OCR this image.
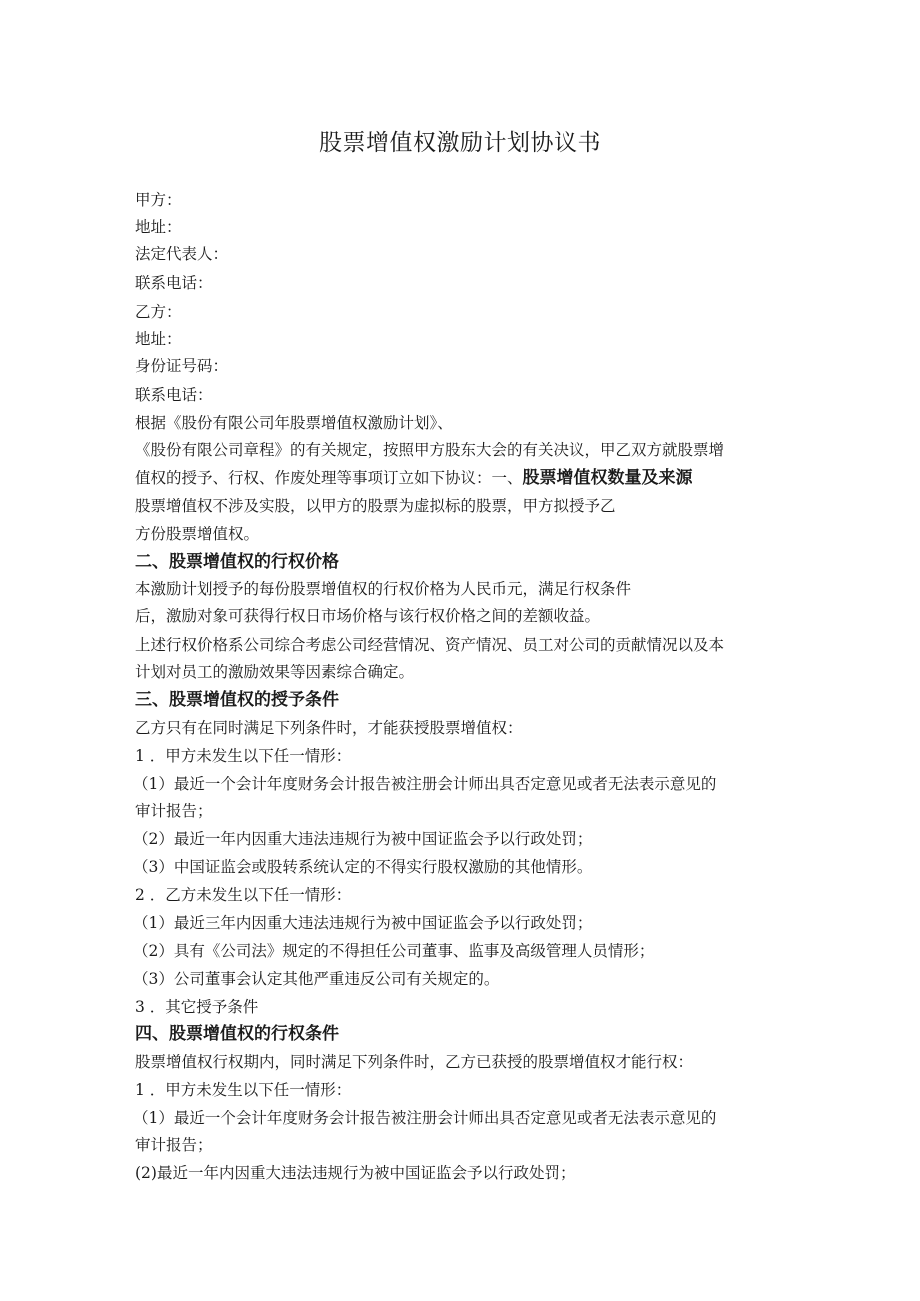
股票增值权激励计划协议书
甲方：
地址：
法定代表人：
联系电话：
乙方：
地址：
身份证号码：
联系电话：
根据《股份有限公司年股票增值权激励计划》、
《股份有限公司章程》的有关规定，按照甲方股东大会的有关决议，甲乙双方就股票增
值权的授予、行权、作废处理等事项订立如下协议：一、股票增值权数量及来源
股票增值权不涉及实股，以甲方的股票为虚拟标的股票，甲方拟授予乙
方份股票增值权。
二、股票增值权的行权价格
本激励计划授予的每份股票增值权的行权价格为人民币元，满足行权条件
后，激励对象可获得行权日市场价格与该行权价格之间的差额收益。
上述行权价格系公司综合考虑公司经营情况、资产情况、员工对公司的贡献情况以及本
计划对员工的激励效果等因素综合确定。
三、股票增值权的授予条件
乙方只有在同时满足下列条件时，才能获授股票增值权：
1 ．甲方未发生以下任一情形：
（1）最近一个会计年度财务会计报告被注册会计师出具否定意见或者无法表示意见的
审计报告；
（2）最近一年内因重大违法违规行为被中国证监会予以行政处罚；
（3）中国证监会或股转系统认定的不得实行股权激励的其他情形。
2 ．乙方未发生以下任一情形：
（1）最近三年内因重大违法违规行为被中国证监会予以行政处罚；
（2）具有《公司法》规定的不得担任公司董事、监事及高级管理人员情形；
（3）公司董事会认定其他严重违反公司有关规定的。
3 ．其它授予条件
四、股票增值权的行权条件
股票增值权行权期内，同时满足下列条件时，乙方已获授的股票增值权才能行权：
1 ．甲方未发生以下任一情形：
（1）最近一个会计年度财务会计报告被注册会计师出具否定意见或者无法表示意见的
审计报告；
(2)最近一年内因重大违法违规行为被中国证监会予以行政处罚；
